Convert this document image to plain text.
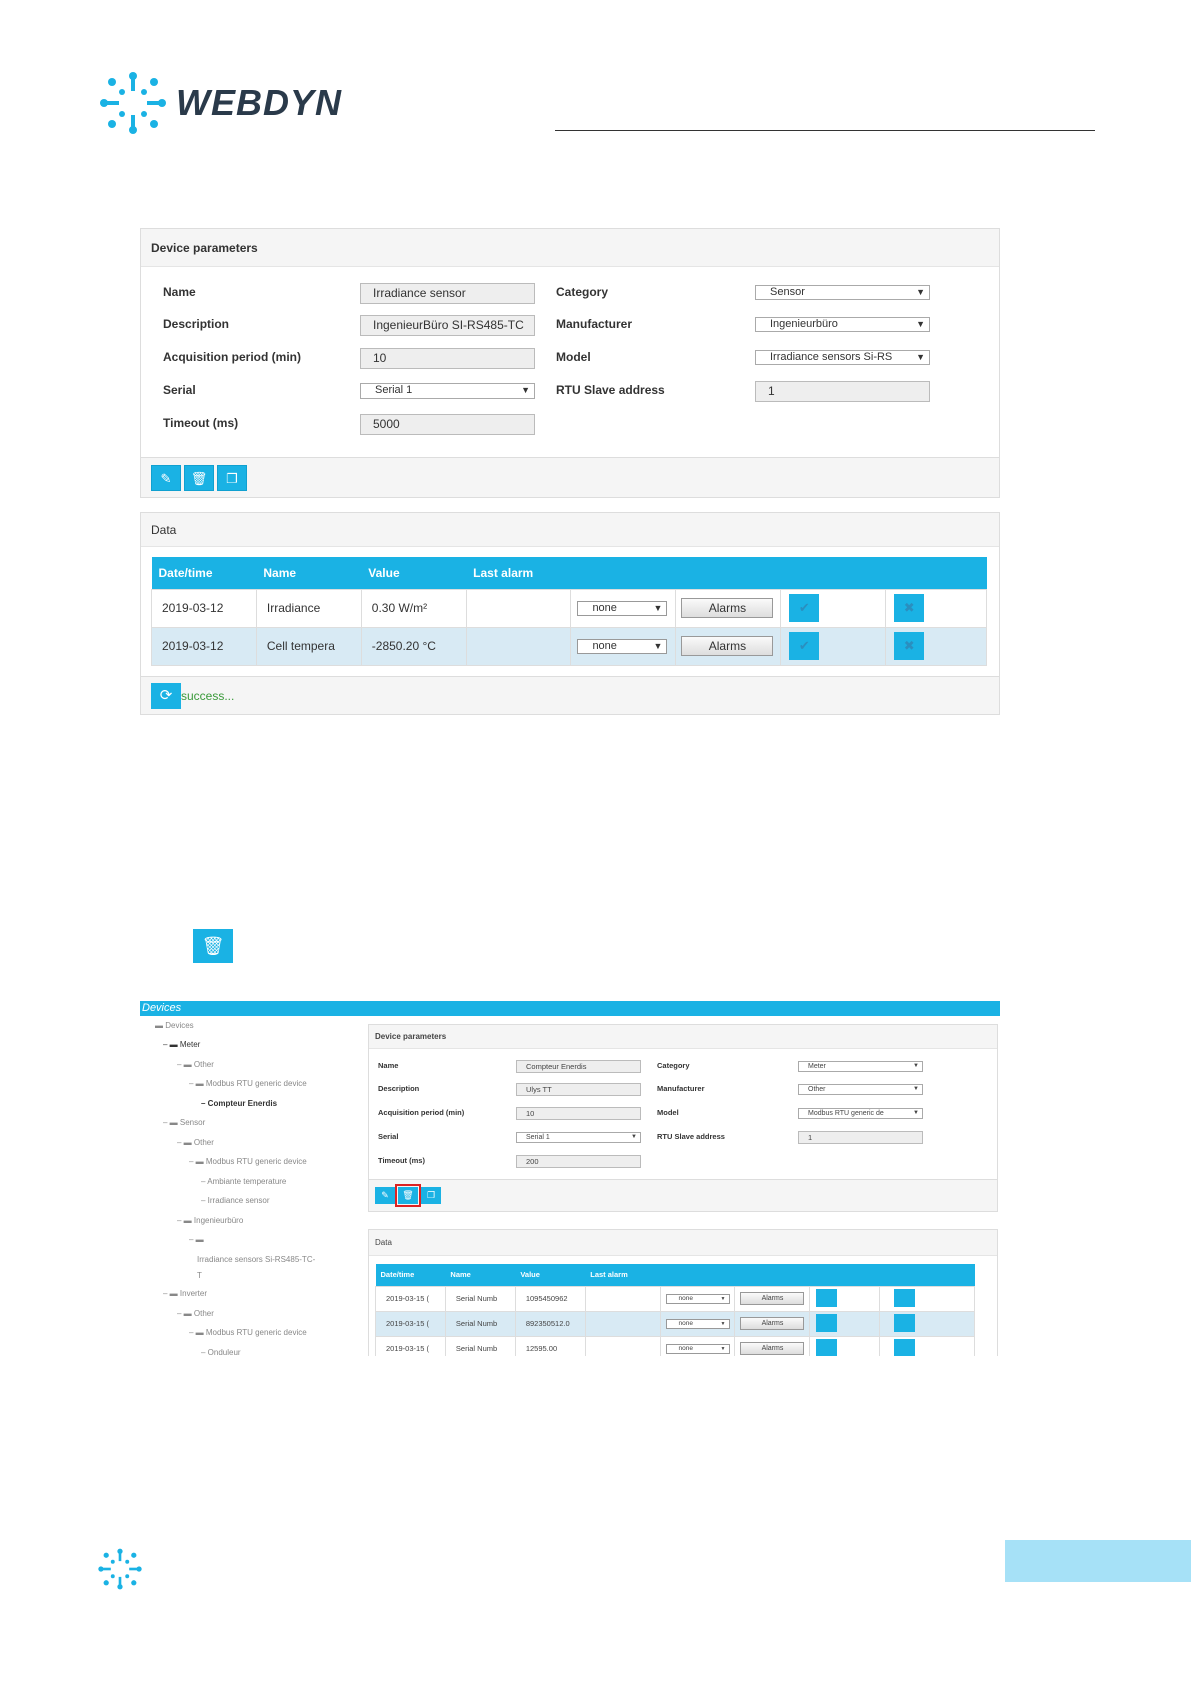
WEBDYN
Device parameters
Name	Irradiance sensor
Description	IngenieurBüro SI-RS485-TC
Acquisition period (min)	10
Serial	Serial 1	▼
Timeout (ms)	5000
Category	Sensor	▼
Manufacturer	Ingenieurbüro	▼
Model	Irradiance sensors Si-RS	▼
RTU Slave address	1
✎	🗑	❐
Data
Date/time	Name	Value	Last alarm				
2019-03-12	Irradiance	0.30 W/m²		none ▼	Alarms	✔	✖
2019-03-12	Cell tempera	-2850.20 °C		none ▼	Alarms	✔	✖
⟳ success...
🗑
Devices
▬ Devices
– ▬ Meter
– ▬ Other
– ▬ Modbus RTU generic device
– Compteur Enerdis
– ▬ Sensor
– ▬ Other
– ▬ Modbus RTU generic device
– Ambiante temperature
– Irradiance sensor
– ▬ Ingenieurbüro
– ▬
Irradiance sensors Si-RS485-TC-
T
– ▬ Inverter
– ▬ Other
– ▬ Modbus RTU generic device
– Onduleur
Device parameters
Name	Compteur Enerdis
Description	Ulys TT
Acquisition period (min)	10
Serial	Serial 1	▼
Timeout (ms)	200
Category	Meter	▼
Manufacturer	Other	▼
Model	Modbus RTU generic de	▼
RTU Slave address	1
✎	🗑	❐
Data
Date/time	Name	Value	Last alarm				
2019-03-15 (	Serial Numb	1095450962		none ▼	Alarms		
2019-03-15 (	Serial Numb	892350512.0		none ▼	Alarms		
2019-03-15 (	Serial Numb	12595.00		none ▼	Alarms		
